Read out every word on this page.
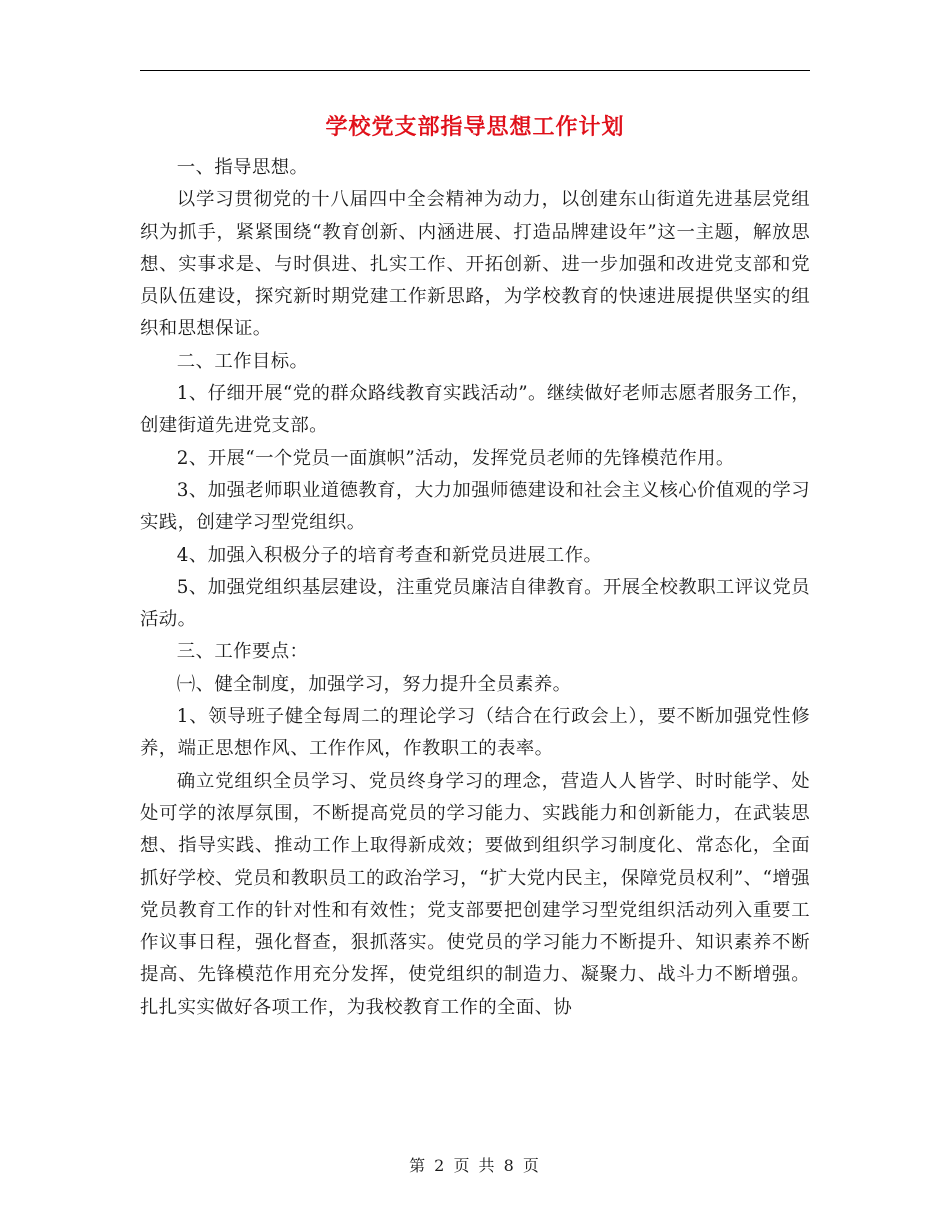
学校党支部指导思想工作计划

一、指导思想。

以学习贯彻党的十八届四中全会精神为动力，以创建东山街道先进基层党组织为抓手，紧紧围绕“教育创新、内涵进展、打造品牌建设年”这一主题，解放思想、实事求是、与时俱进、扎实工作、开拓创新、进一步加强和改进党支部和党员队伍建设，探究新时期党建工作新思路，为学校教育的快速进展提供坚实的组织和思想保证。

二、工作目标。

1、仔细开展“党的群众路线教育实践活动”。继续做好老师志愿者服务工作，创建街道先进党支部。

2、开展“一个党员一面旗帜”活动，发挥党员老师的先锋模范作用。

3、加强老师职业道德教育，大力加强师德建设和社会主义核心价值观的学习实践，创建学习型党组织。

4、加强入积极分子的培育考查和新党员进展工作。

5、加强党组织基层建设，注重党员廉洁自律教育。开展全校教职工评议党员活动。

三、工作要点：

㈠、健全制度，加强学习，努力提升全员素养。

1、领导班子健全每周二的理论学习（结合在行政会上），要不断加强党性修养，端正思想作风、工作作风，作教职工的表率。

确立党组织全员学习、党员终身学习的理念，营造人人皆学、时时能学、处处可学的浓厚氛围，不断提高党员的学习能力、实践能力和创新能力，在武装思想、指导实践、推动工作上取得新成效；要做到组织学习制度化、常态化，全面抓好学校、党员和教职员工的政治学习，“扩大党内民主，保障党员权利”、“增强党员教育工作的针对性和有效性；党支部要把创建学习型党组织活动列入重要工作议事日程，强化督查，狠抓落实。使党员的学习能力不断提升、知识素养不断提高、先锋模范作用充分发挥，使党组织的制造力、凝聚力、战斗力不断增强。扎扎实实做好各项工作，为我校教育工作的全面、协

第 2 页 共 8 页
